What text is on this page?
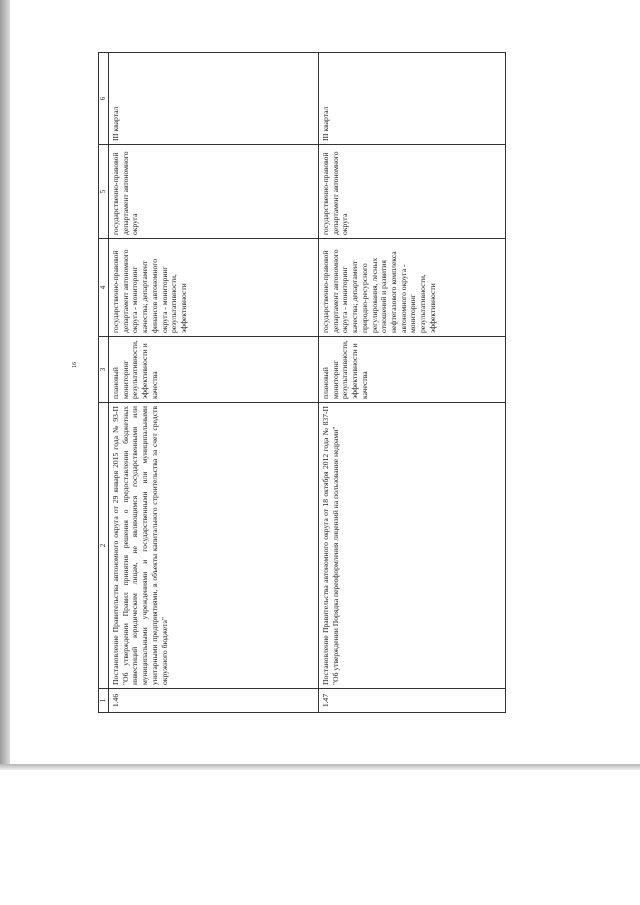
16
1	2	3	4	5	6
1.46	Постановление Правительства автономного округа от 29 января 2015 года № 93-П "Об утверждении Правил принятия решения о предоставлении бюджетных инвестиций юридическим лицам, не являющимся государственными или муниципальными учреждениями и государственными или муниципальными унитарными предприятиями, в объекты капитального строительства за счет средств окружного бюджета"	плановый мониторинг результативности, эффективности и качества	государственно-правовой департамент автономного округа - мониторинг качества; департамент финансов автономного округа - мониторинг результативности, эффективности	государственно-правовой департамент автономного округа	III квартал
1.47	Постановление Правительства автономного округа от 18 октября 2012 года № 837-П "Об утверждении Порядка переоформления лицензий на пользование недрами"	плановый мониторинг результативности, эффективности и качества	государственно-правовой департамент автономного округа - мониторинг качества; департамент природно-ресурсного регулирования, лесных отношений и развития нефтегазового комплекса автономного округа - мониторинг результативности, эффективности	государственно-правовой департамент автономного округа	III квартал
